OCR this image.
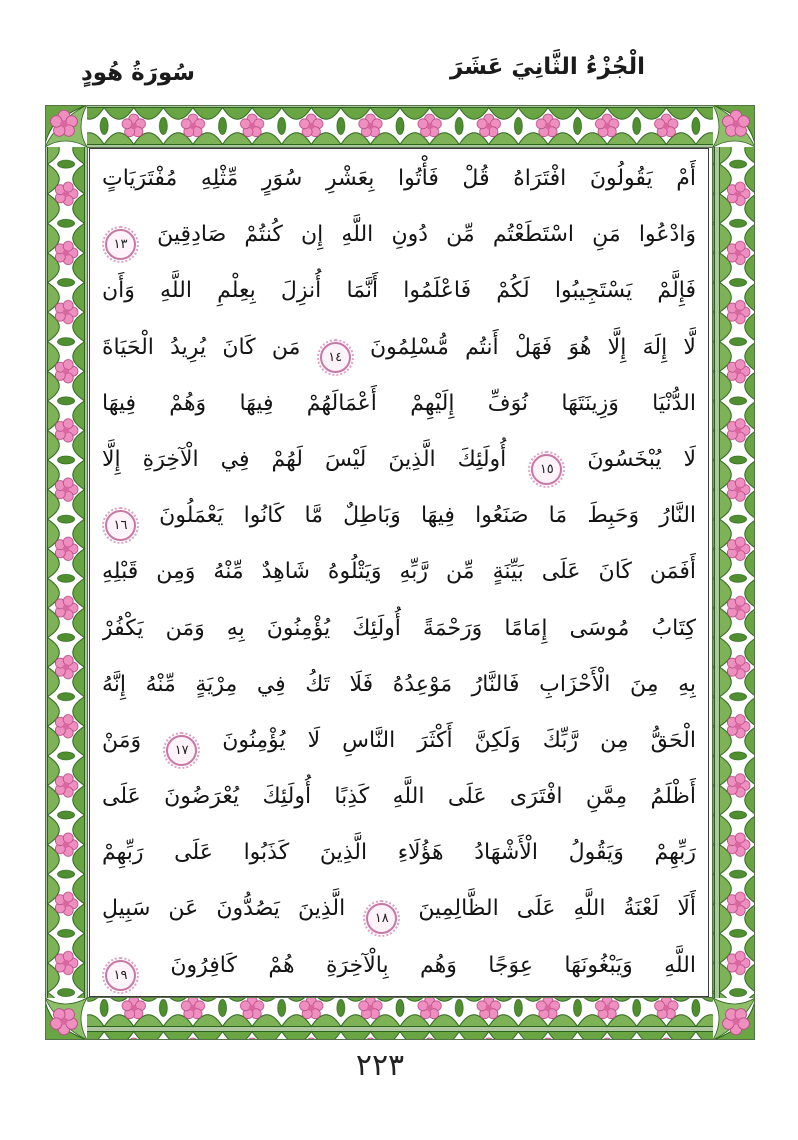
الْجُزْءُ الثَّانِيَ عَشَرَ
سُورَةُ هُودٍ
أَمْ يَقُولُونَ افْتَرَاهُ قُلْ فَأْتُوا بِعَشْرِ سُوَرٍ مِّثْلِهِ مُفْتَرَيَاتٍ
وَادْعُوا مَنِ اسْتَطَعْتُم مِّن دُونِ اللَّهِ إِن كُنتُمْ صَادِقِينَ ١٣
فَإِلَّمْ يَسْتَجِيبُوا لَكُمْ فَاعْلَمُوا أَنَّمَا أُنزِلَ بِعِلْمِ اللَّهِ وَأَن
لَّا إِلَهَ إِلَّا هُوَ فَهَلْ أَنتُم مُّسْلِمُونَ ١٤ مَن كَانَ يُرِيدُ الْحَيَاةَ
الدُّنْيَا وَزِينَتَهَا نُوَفِّ إِلَيْهِمْ أَعْمَالَهُمْ فِيهَا وَهُمْ فِيهَا
لَا يُبْخَسُونَ ١٥ أُولَئِكَ الَّذِينَ لَيْسَ لَهُمْ فِي الْآخِرَةِ إِلَّا
النَّارُ وَحَبِطَ مَا صَنَعُوا فِيهَا وَبَاطِلٌ مَّا كَانُوا يَعْمَلُونَ ١٦
أَفَمَن كَانَ عَلَى بَيِّنَةٍ مِّن رَّبِّهِ وَيَتْلُوهُ شَاهِدٌ مِّنْهُ وَمِن قَبْلِهِ
كِتَابُ مُوسَى إِمَامًا وَرَحْمَةً أُولَئِكَ يُؤْمِنُونَ بِهِ وَمَن يَكْفُرْ
بِهِ مِنَ الْأَحْزَابِ فَالنَّارُ مَوْعِدُهُ فَلَا تَكُ فِي مِرْيَةٍ مِّنْهُ إِنَّهُ
الْحَقُّ مِن رَّبِّكَ وَلَكِنَّ أَكْثَرَ النَّاسِ لَا يُؤْمِنُونَ ١٧ وَمَنْ
أَظْلَمُ مِمَّنِ افْتَرَى عَلَى اللَّهِ كَذِبًا أُولَئِكَ يُعْرَضُونَ عَلَى
رَبِّهِمْ وَيَقُولُ الْأَشْهَادُ هَؤُلَاءِ الَّذِينَ كَذَبُوا عَلَى رَبِّهِمْ
أَلَا لَعْنَةُ اللَّهِ عَلَى الظَّالِمِينَ ١٨ الَّذِينَ يَصُدُّونَ عَن سَبِيلِ
اللَّهِ وَيَبْغُونَهَا عِوَجًا وَهُم بِالْآخِرَةِ هُمْ كَافِرُونَ ١٩
٢٢٣
